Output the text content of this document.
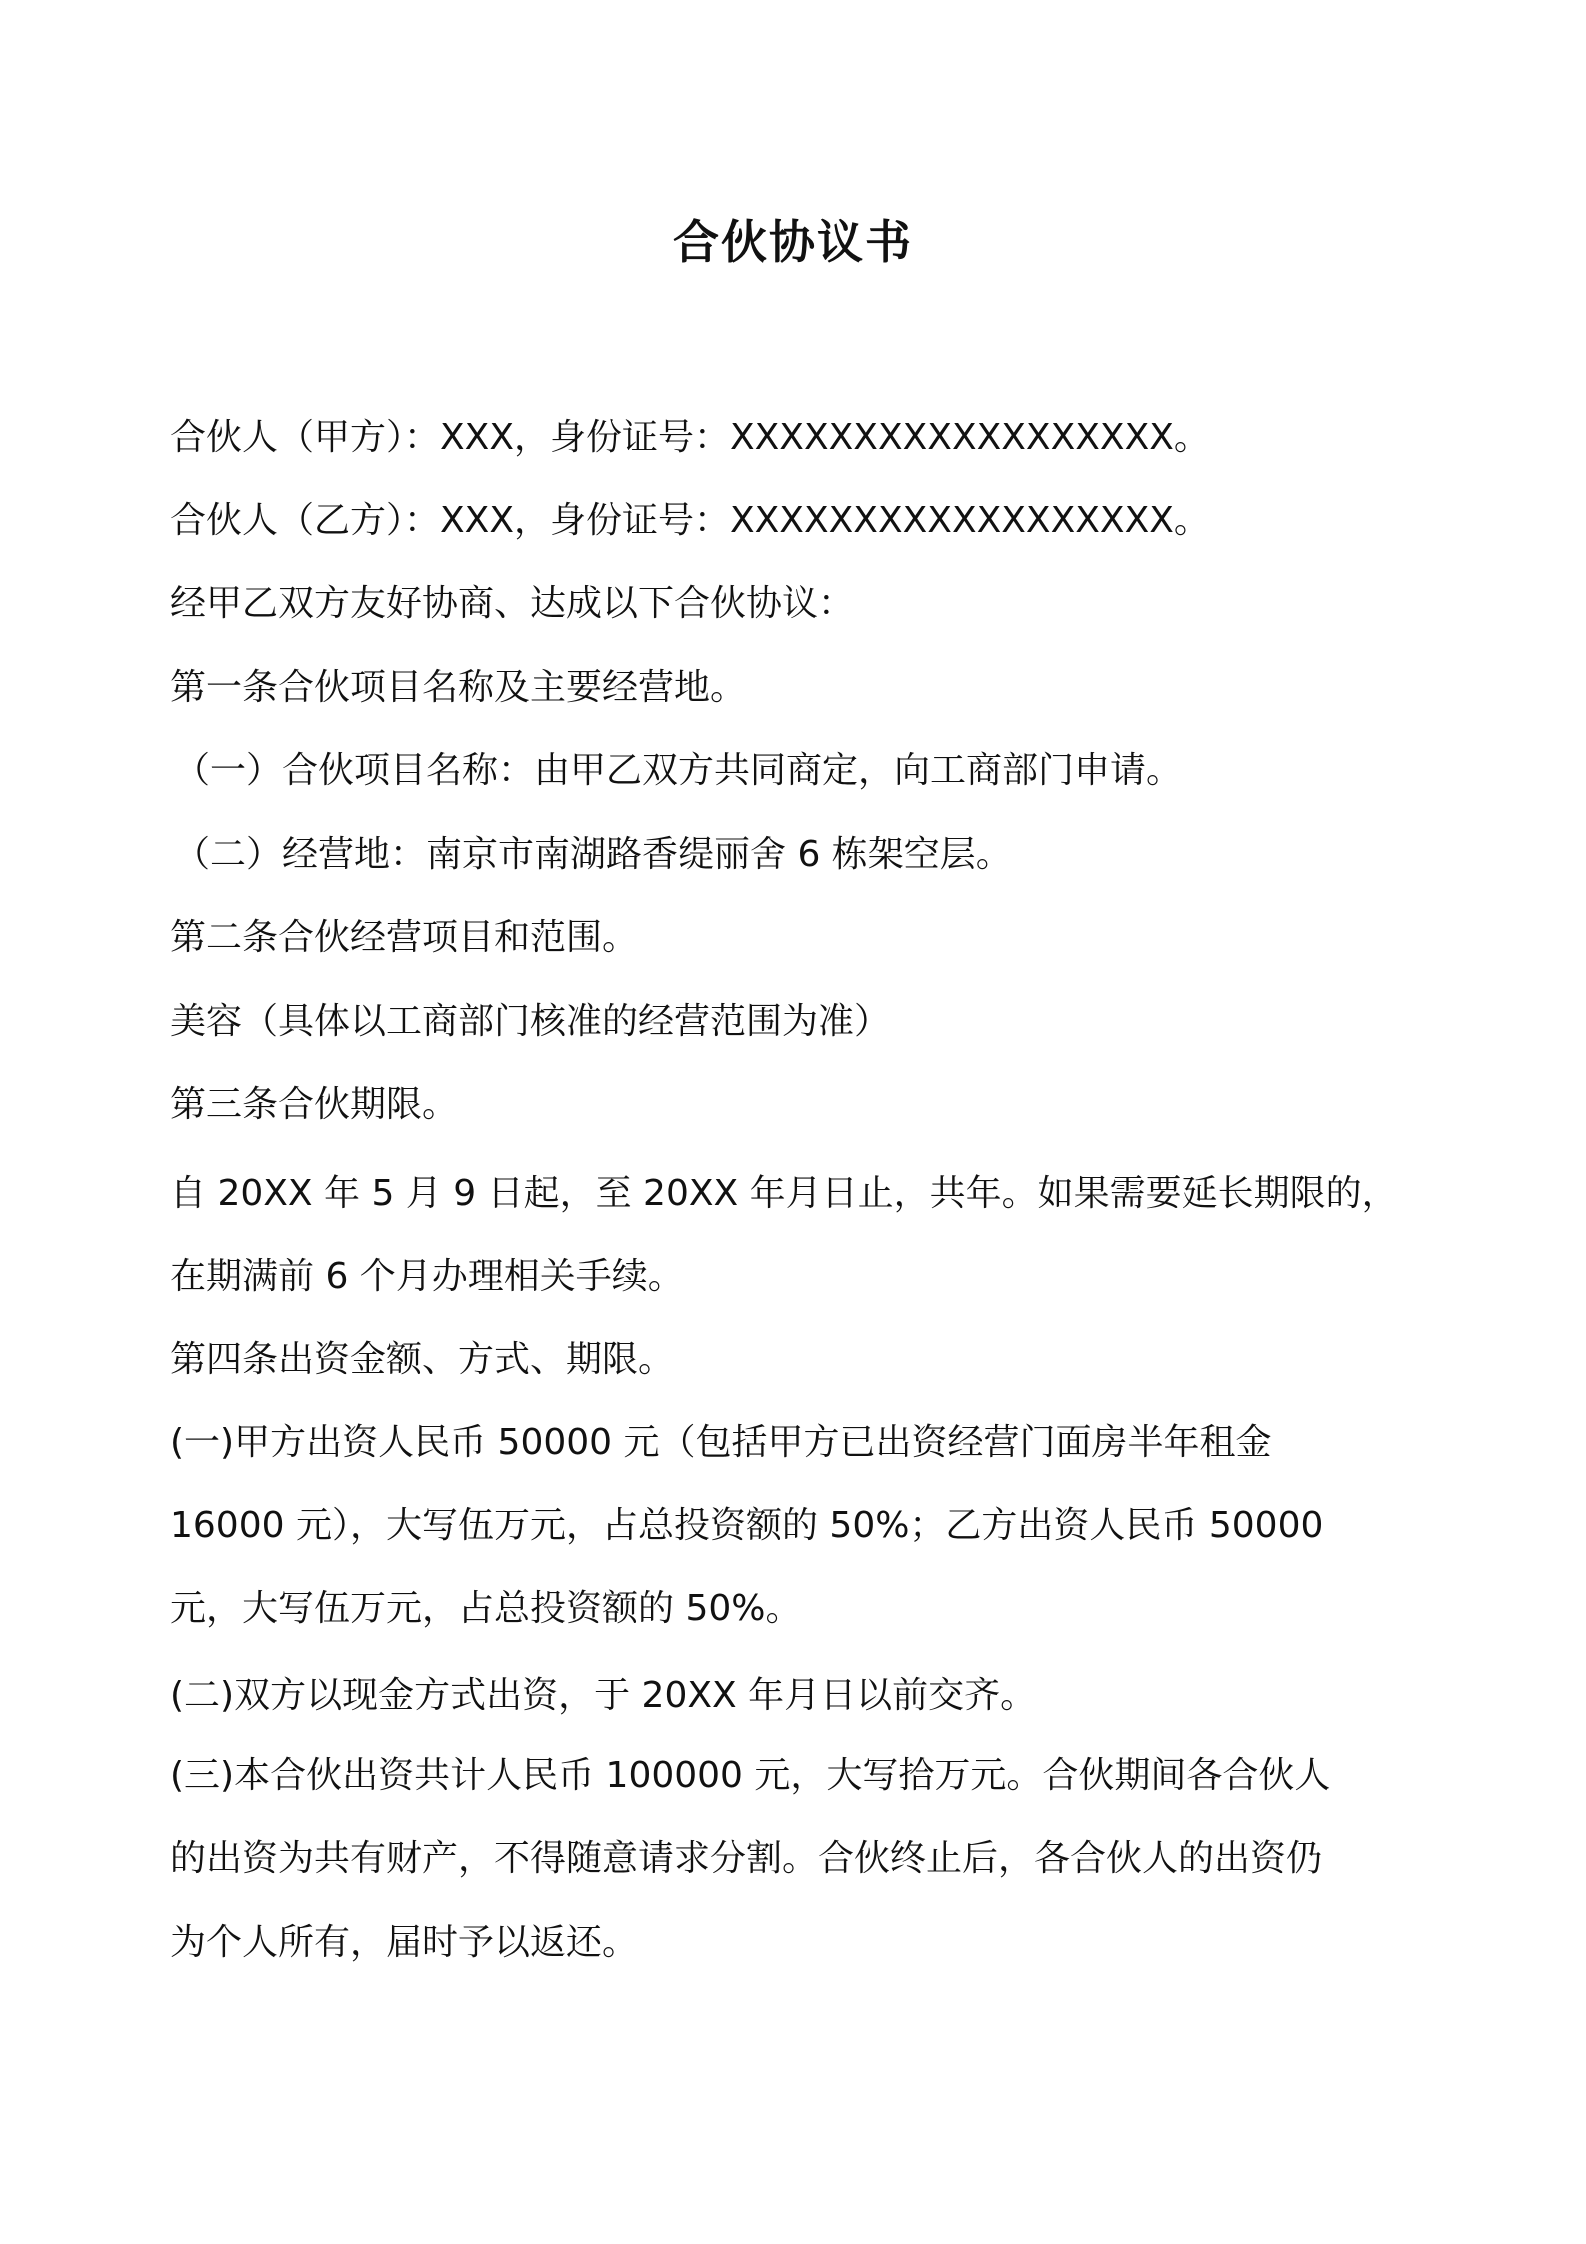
合伙协议书

合伙人（甲方）：XXX，身份证号：XXXXXXXXXXXXXXXXXX。

合伙人（乙方）：XXX，身份证号：XXXXXXXXXXXXXXXXXX。

经甲乙双方友好协商、达成以下合伙协议：

第一条合伙项目名称及主要经营地。

（一）合伙项目名称：由甲乙双方共同商定，向工商部门申请。

（二）经营地：南京市南湖路香缇丽舍 6 栋架空层。

第二条合伙经营项目和范围。

美容（具体以工商部门核准的经营范围为准）

第三条合伙期限。

自 20XX 年 5 月 9 日起，至 20XX 年月日止，共年。如果需要延长期限的，

在期满前 6 个月办理相关手续。

第四条出资金额、方式、期限。

(一)甲方出资人民币 50000 元（包括甲方已出资经营门面房半年租金

16000 元），大写伍万元，占总投资额的 50%；乙方出资人民币 50000

元，大写伍万元，占总投资额的 50%。

(二)双方以现金方式出资，于 20XX 年月日以前交齐。

(三)本合伙出资共计人民币 100000 元，大写拾万元。合伙期间各合伙人

的出资为共有财产，不得随意请求分割。合伙终止后，各合伙人的出资仍

为个人所有，届时予以返还。
